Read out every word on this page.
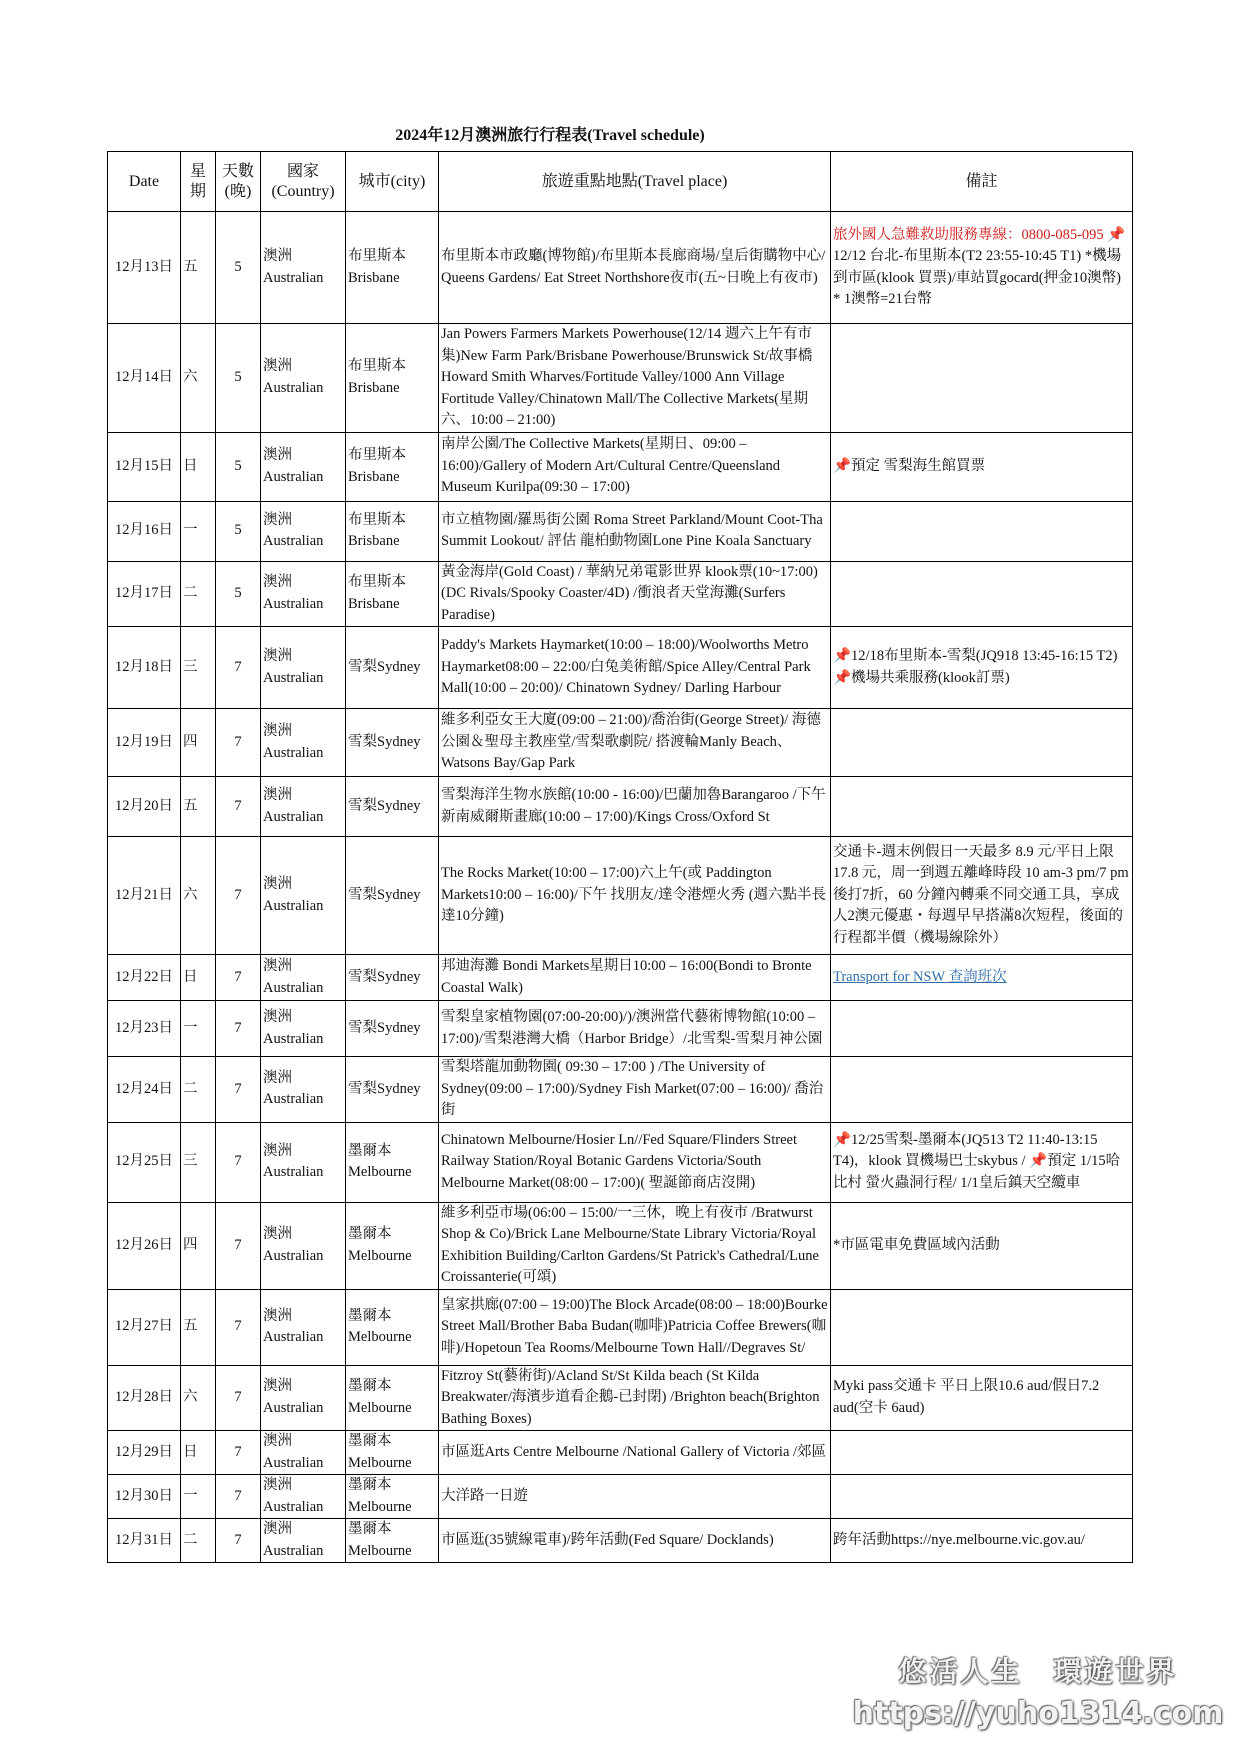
2024年12月澳洲旅行行程表(Travel schedule)
Date	星期	天數(晚)	國家(Country)	城市(city)	旅遊重點地點(Travel place)	備註

12月13日	五	5	澳洲 Australian	布里斯本 Brisbane	布里斯本市政廳(博物館)/布里斯本長廊商場/皇后街購物中心/ Queens Gardens/ Eat Street Northshore夜市(五~日晚上有夜市)	旅外國人急難救助服務專線：0800-085-095 📌12/12 台北-布里斯本(T2 23:55-10:45 T1) *機場到市區(klook 買票)/車站買gocard(押金10澳幣) * 1澳幣=21台幣

12月14日	六	5	澳洲 Australian	布里斯本 Brisbane	Jan Powers Farmers Markets Powerhouse(12/14 週六上午有市集)New Farm Park/Brisbane Powerhouse/Brunswick St/故事橋Howard Smith Wharves/Fortitude Valley/1000 Ann Village Fortitude Valley/Chinatown Mall/The Collective Markets(星期六、10:00 – 21:00)	

12月15日	日	5	澳洲 Australian	布里斯本 Brisbane	南岸公園/The Collective Markets(星期日、09:00 – 16:00)/Gallery of Modern Art/Cultural Centre/Queensland Museum Kurilpa(09:30 – 17:00)	📌預定 雪梨海生館買票

12月16日	一	5	澳洲 Australian	布里斯本 Brisbane	市立植物園/羅馬街公園 Roma Street Parkland/Mount Coot-Tha Summit Lookout/ 評估 龍柏動物園Lone Pine Koala Sanctuary	

12月17日	二	5	澳洲 Australian	布里斯本 Brisbane	黃金海岸(Gold Coast) / 華納兄弟電影世界 klook票(10~17:00)(DC Rivals/Spooky Coaster/4D) /衝浪者天堂海灘(Surfers Paradise)	

12月18日	三	7	澳洲 Australian	雪梨Sydney	Paddy's Markets Haymarket(10:00 – 18:00)/Woolworths Metro Haymarket08:00 – 22:00/白兔美術館/Spice Alley/Central Park Mall(10:00 – 20:00)/ Chinatown Sydney/ Darling Harbour	📌12/18布里斯本-雪梨(JQ918 13:45-16:15 T2) 📌機場共乘服務(klook訂票)

12月19日	四	7	澳洲 Australian	雪梨Sydney	維多利亞女王大廈(09:00 – 21:00)/喬治街(George Street)/ 海德公園＆聖母主教座堂/雪梨歌劇院/ 搭渡輪Manly Beach、Watsons Bay/Gap Park	

12月20日	五	7	澳洲 Australian	雪梨Sydney	雪梨海洋生物水族館(10:00 - 16:00)/巴蘭加魯Barangaroo /下午 新南威爾斯畫廊(10:00 – 17:00)/Kings Cross/Oxford St	

12月21日	六	7	澳洲 Australian	雪梨Sydney	The Rocks Market(10:00 – 17:00)六上午(或 Paddington Markets10:00 – 16:00)/下午 找朋友/達令港煙火秀 (週六點半長達10分鐘)	交通卡-週末例假日一天最多 8.9 元/平日上限 17.8 元，周一到週五離峰時段 10 am-3 pm/7 pm 後打7折，60 分鐘內轉乘不同交通工具，享成人2澳元優惠・每週早早搭滿8次短程，後面的行程都半價（機場線除外）

12月22日	日	7	澳洲 Australian	雪梨Sydney	邦迪海灘 Bondi Markets星期日10:00 – 16:00(Bondi to Bronte Coastal Walk)	Transport for NSW 查詢班次

12月23日	一	7	澳洲 Australian	雪梨Sydney	雪梨皇家植物園(07:00-20:00)/)/澳洲當代藝術博物館(10:00 – 17:00)/雪梨港灣大橋（Harbor Bridge）/北雪梨-雪梨月神公園	

12月24日	二	7	澳洲 Australian	雪梨Sydney	雪梨塔龍加動物園( 09:30 – 17:00 ) /The University of Sydney(09:00 – 17:00)/Sydney Fish Market(07:00 – 16:00)/ 喬治街	

12月25日	三	7	澳洲 Australian	墨爾本 Melbourne	Chinatown Melbourne/Hosier Ln//Fed Square/Flinders Street Railway Station/Royal Botanic Gardens Victoria/South Melbourne Market(08:00 – 17:00)( 聖誕節商店沒開)	📌12/25雪梨-墨爾本(JQ513 T2 11:40-13:15 T4)，klook 買機場巴士skybus / 📌預定 1/15哈比村 螢火蟲洞行程/ 1/1皇后鎮天空纜車

12月26日	四	7	澳洲 Australian	墨爾本 Melbourne	維多利亞市場(06:00 – 15:00/一三休，晚上有夜市 /Bratwurst Shop & Co)/Brick Lane Melbourne/State Library Victoria/Royal Exhibition Building/Carlton Gardens/St Patrick's Cathedral/Lune Croissanterie(可頌)	*市區電車免費區域內活動

12月27日	五	7	澳洲 Australian	墨爾本 Melbourne	皇家拱廊(07:00 – 19:00)The Block Arcade(08:00 – 18:00)Bourke Street Mall/Brother Baba Budan(咖啡)Patricia Coffee Brewers(咖啡)/Hopetoun Tea Rooms/Melbourne Town Hall//Degraves St/	

12月28日	六	7	澳洲 Australian	墨爾本 Melbourne	Fitzroy St(藝術街)/Acland St/St Kilda beach (St Kilda Breakwater/海濱步道看企鵝-已封閉) /Brighton beach(Brighton Bathing Boxes)	Myki pass交通卡 平日上限10.6 aud/假日7.2 aud(空卡 6aud)

12月29日	日	7	澳洲 Australian	墨爾本 Melbourne	市區逛Arts Centre Melbourne /National Gallery of Victoria /郊區	

12月30日	一	7	澳洲 Australian	墨爾本 Melbourne	大洋路一日遊	

12月31日	二	7	澳洲 Australian	墨爾本 Melbourne	市區逛(35號線電車)/跨年活動(Fed Square/ Docklands)	跨年活動https://nye.melbourne.vic.gov.au/
悠活人生　環遊世界
https://yuho1314.com
